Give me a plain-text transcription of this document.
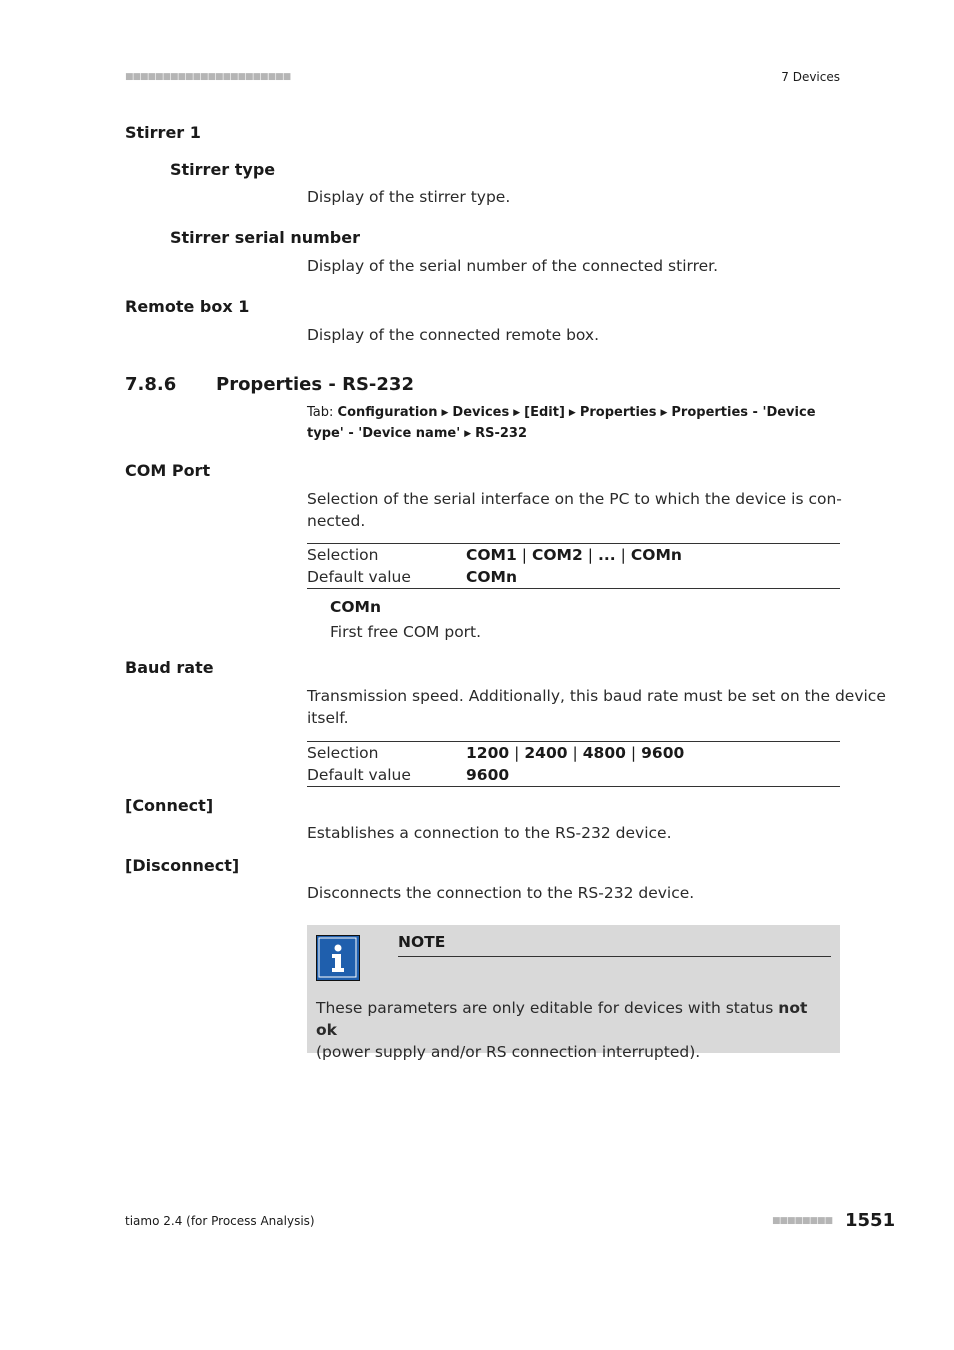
■■■■■■■■■■■■■■■■■■■■■■	7 Devices
Stirrer 1
Stirrer type
Display of the stirrer type.
Stirrer serial number
Display of the serial number of the connected stirrer.
Remote box 1
Display of the connected remote box.
7.8.6 Properties - RS-232
Tab: Configuration ▶ Devices ▶ [Edit] ▶ Properties ▶ Properties - 'Device type' - 'Device name' ▶ RS-232
COM Port
Selection of the serial interface on the PC to which the device is con-
nected.
Selection	COM1 | COM2 | ... | COMn
Default value	COMn
COMn
First free COM port.
Baud rate
Transmission speed. Additionally, this baud rate must be set on the device
itself.
Selection	1200 | 2400 | 4800 | 9600
Default value	9600
[Connect]
Establishes a connection to the RS-232 device.
[Disconnect]
Disconnects the connection to the RS-232 device.
NOTE
These parameters are only editable for devices with status not ok
(power supply and/or RS connection interrupted).
tiamo 2.4 (for Process Analysis)	■■■■■■■■ 1551
